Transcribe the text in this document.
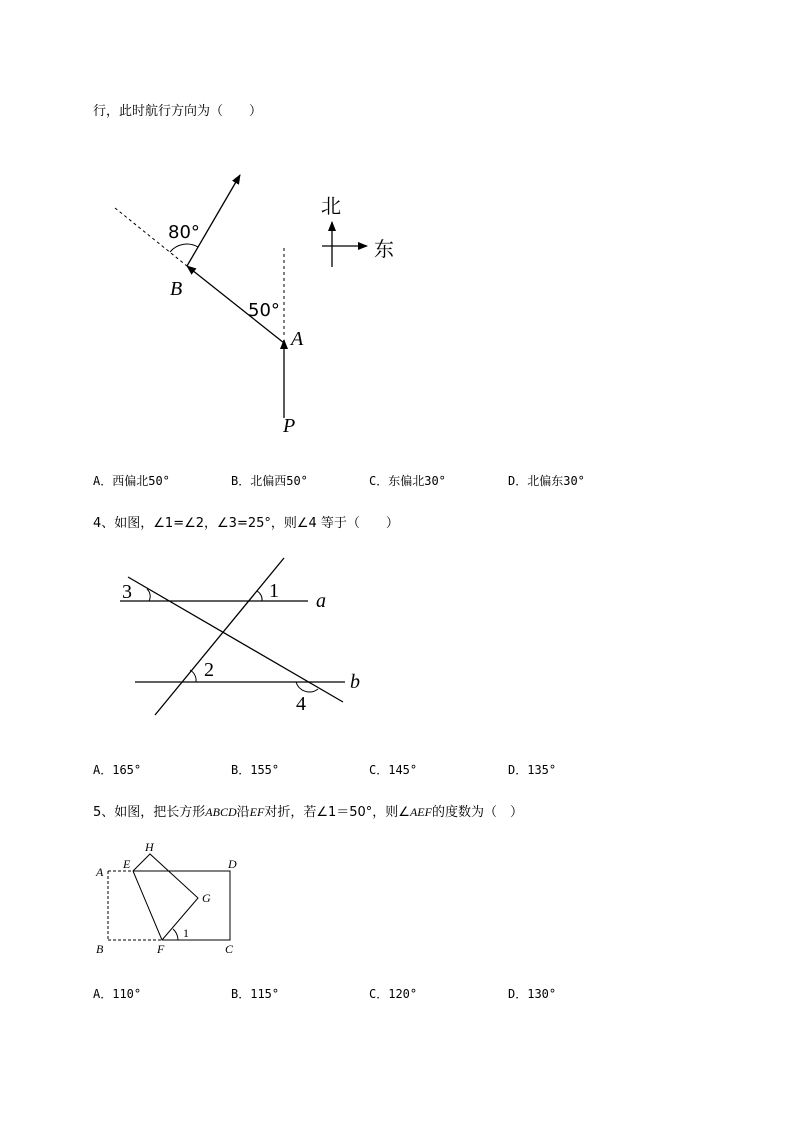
行，此时航行方向为（　　）
80°
50°
B
A
P
北
东
A．西偏北50°	B．北偏西50°	C．东偏北30°	D．北偏东30°
4、如图，∠1=∠2，∠3=25°，则∠4 等于（　　）
1
2
3
4
a
b
A．165°	B．155°	C．145°	D．135°
5、如图，把长方形ABCD沿EF对折，若∠1＝50°，则∠AEF的度数为（　）
A
B	C
D
E
F
G
H
1
A．110°	B．115°	C．120°	D．130°
